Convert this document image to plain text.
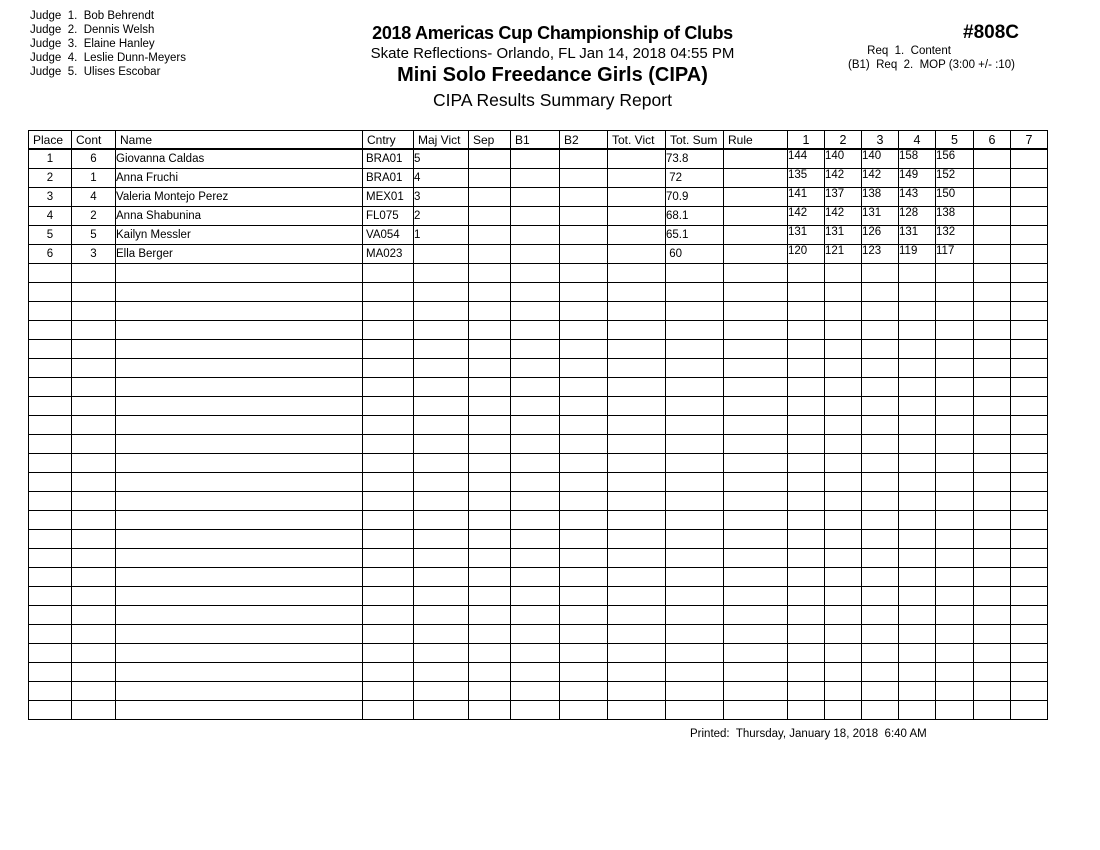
Judge  1.  Bob Behrendt
Judge  2.  Dennis Welsh
Judge  3.  Elaine Hanley
Judge  4.  Leslie Dunn-Meyers
Judge  5.  Ulises Escobar
2018 Americas Cup Championship of Clubs
Skate Reflections- Orlando, FL Jan 14, 2018 04:55 PM
Mini Solo Freedance Girls (CIPA)
CIPA Results Summary Report
#808C
Req  1.  Content
(B1)  Req  2.  MOP (3:00 +/- :10)
Place	Cont	Name	Cntry	Maj Vict	Sep	B1	B2	Tot. Vict	Tot. Sum	Rule	1	2	3	4	5	6	7
1	6	Giovanna Caldas	BRA01	5					73.8		144	140	140	158	156		
2	1	Anna Fruchi	BRA01	4					72		135	142	142	149	152		
3	4	Valeria Montejo Perez	MEX01	3					70.9		141	137	138	143	150		
4	2	Anna Shabunina	FL075	2					68.1		142	142	131	128	138		
5	5	Kailyn Messler	VA054	1					65.1		131	131	126	131	132		
6	3	Ella Berger	MA023						60		120	121	123	119	117		

Printed:  Thursday, January 18, 2018  6:40 AM
